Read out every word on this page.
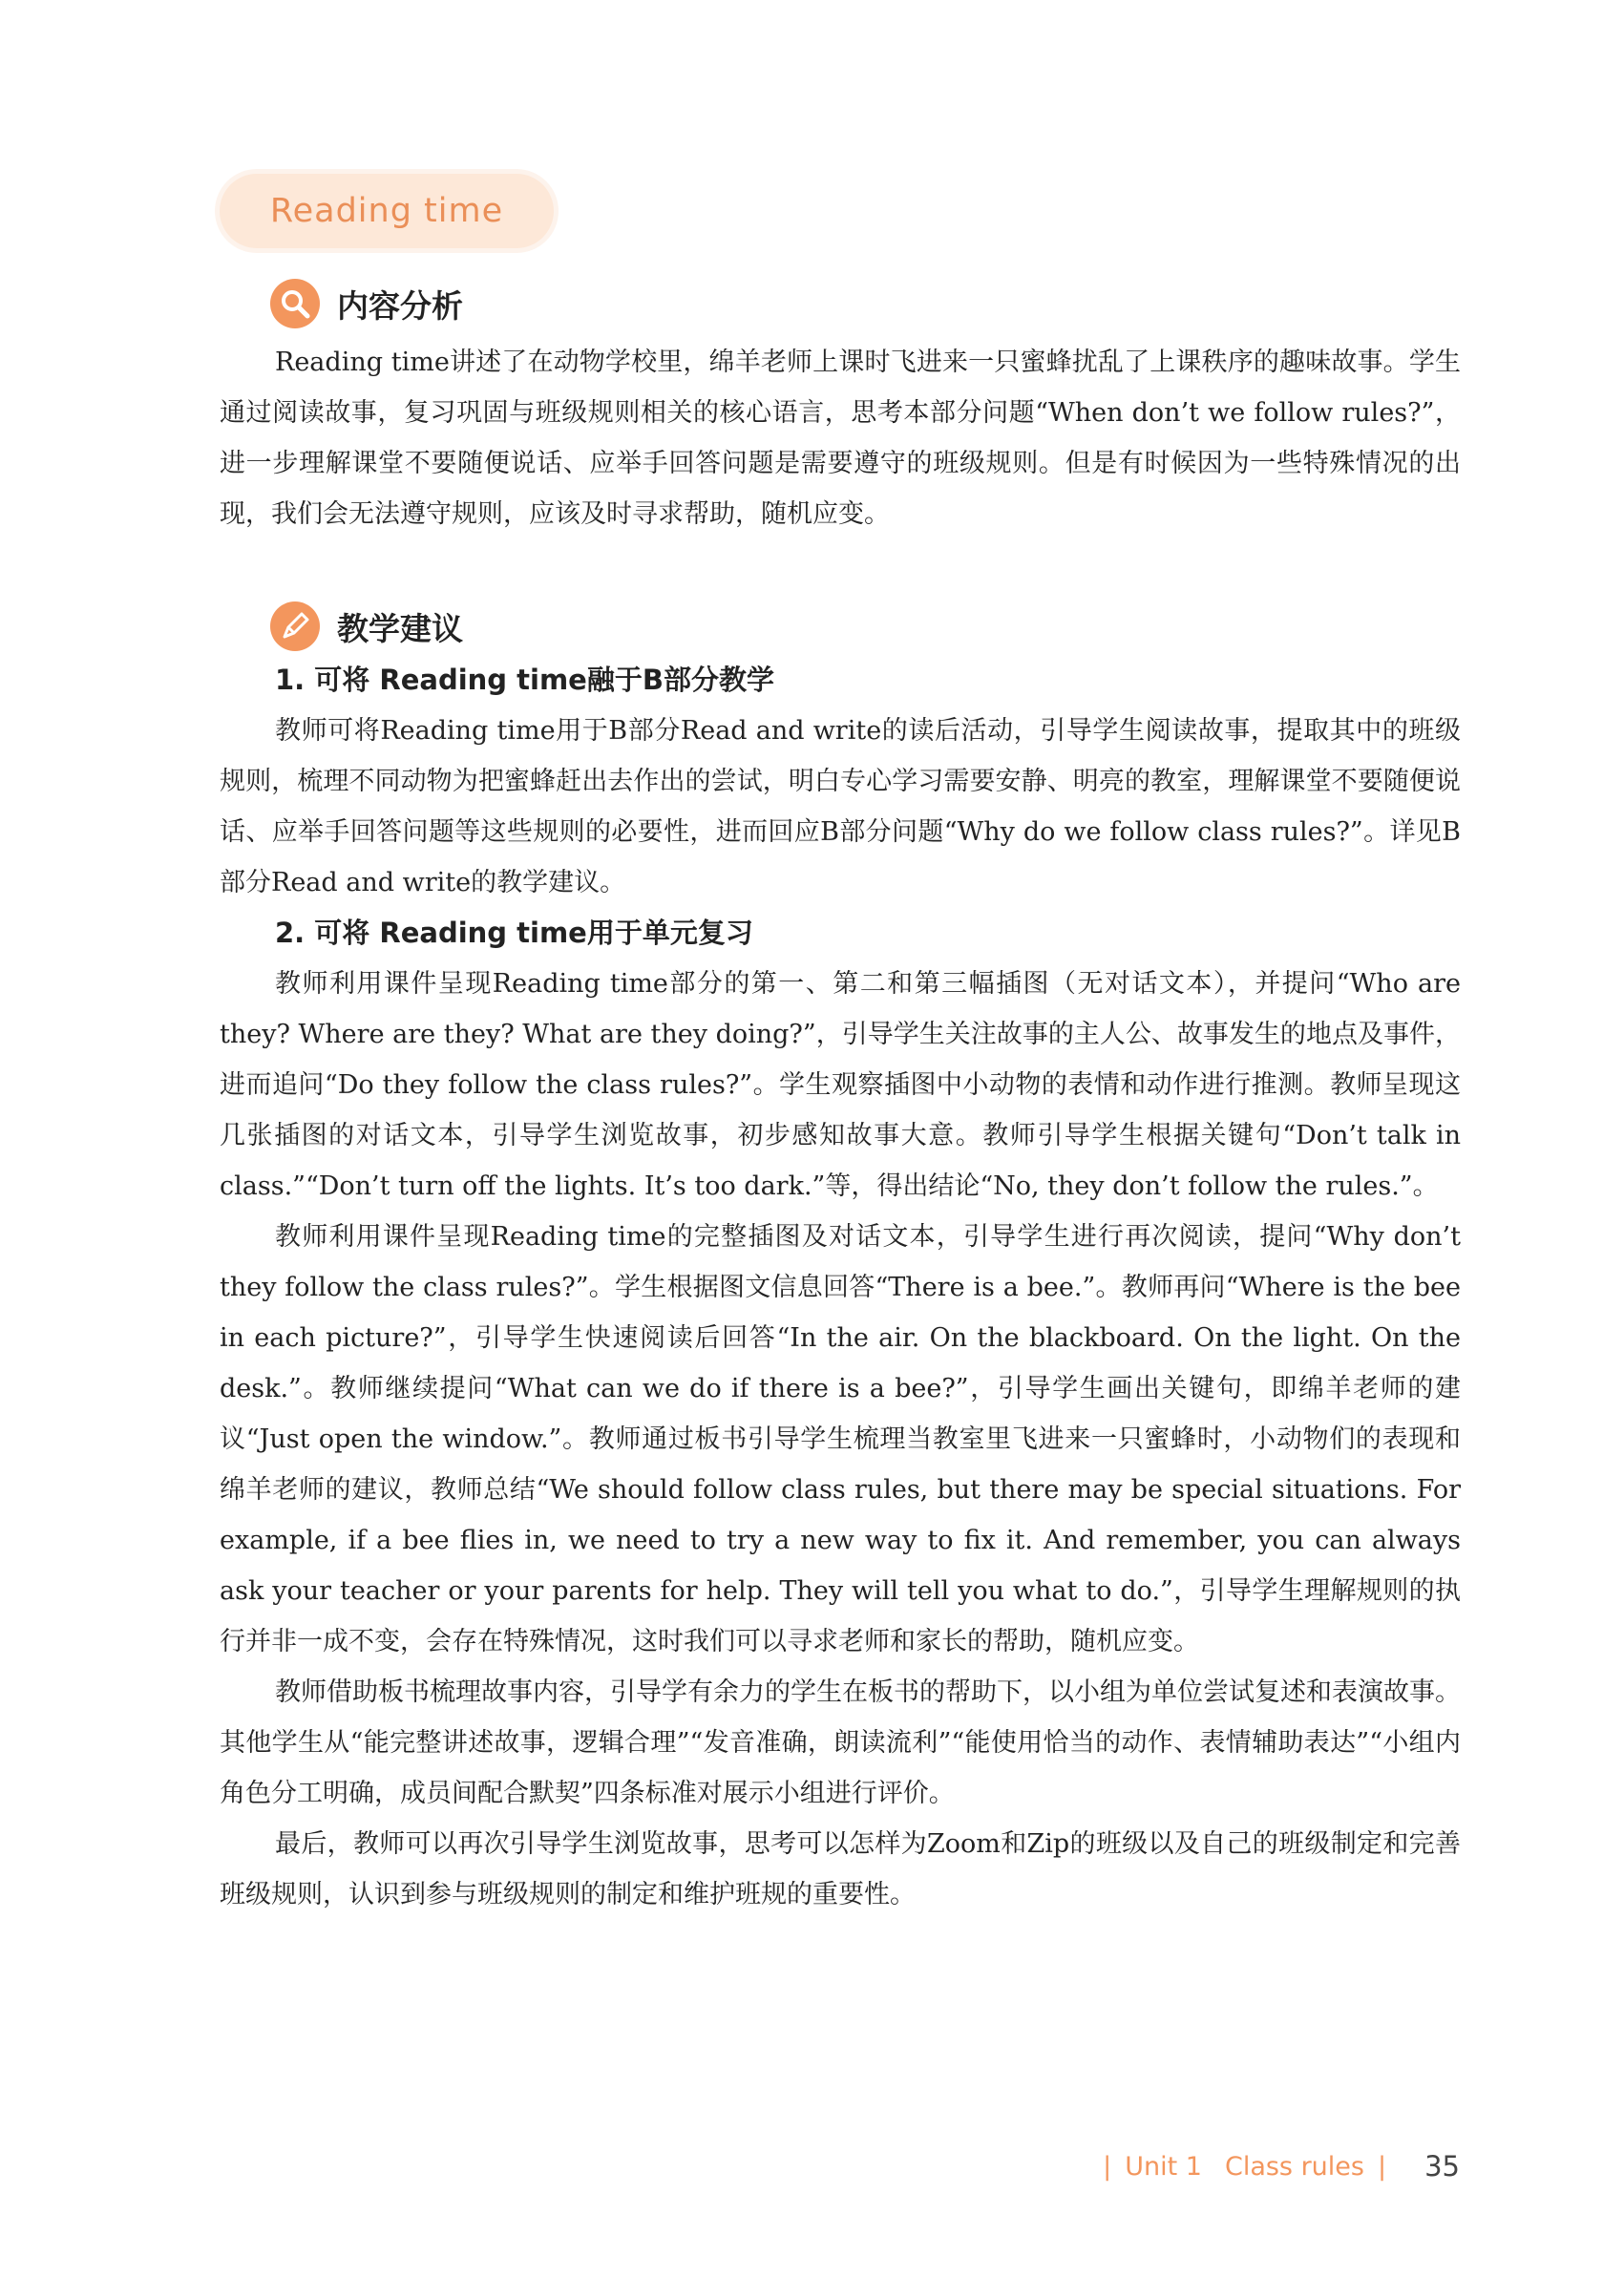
Reading time
内容分析

Reading time讲述了在动物学校里，绵羊老师上课时飞进来一只蜜蜂扰乱了上课秩序的趣味故事。学生通过阅读故事，复习巩固与班级规则相关的核心语言，思考本部分问题“When don’t we follow rules?”，进一步理解课堂不要随便说话、应举手回答问题是需要遵守的班级规则。但是有时候因为一些特殊情况的出现，我们会无法遵守规则，应该及时寻求帮助，随机应变。

教学建议
1. 可将 Reading time融于B部分教学

教师可将Reading time用于B部分Read and write的读后活动，引导学生阅读故事，提取其中的班级规则，梳理不同动物为把蜜蜂赶出去作出的尝试，明白专心学习需要安静、明亮的教室，理解课堂不要随便说话、应举手回答问题等这些规则的必要性，进而回应B部分问题“Why do we follow class rules?”。详见B部分Read and write的教学建议。

2. 可将 Reading time用于单元复习

教师利用课件呈现Reading time部分的第一、第二和第三幅插图（无对话文本），并提问“Who are they? Where are they? What are they doing?”，引导学生关注故事的主人公、故事发生的地点及事件，进而追问“Do they follow the class rules?”。学生观察插图中小动物的表情和动作进行推测。教师呈现这几张插图的对话文本，引导学生浏览故事，初步感知故事大意。教师引导学生根据关键句“Don’t talk in class.”“Don’t turn off the lights. It’s too dark.”等，得出结论“No, they don’t follow the rules.”。

教师利用课件呈现Reading time的完整插图及对话文本，引导学生进行再次阅读，提问“Why don’t they follow the class rules?”。学生根据图文信息回答“There is a bee.”。教师再问“Where is the bee in each picture?”，引导学生快速阅读后回答“In the air. On the blackboard. On the light. On the desk.”。教师继续提问“What can we do if there is a bee?”，引导学生画出关键句，即绵羊老师的建议“Just open the window.”。教师通过板书引导学生梳理当教室里飞进来一只蜜蜂时，小动物们的表现和绵羊老师的建议，教师总结“We should follow class rules, but there may be special situations. For example, if a bee flies in, we need to try a new way to fix it. And remember, you can always ask your teacher or your parents for help. They will tell you what to do.”，引导学生理解规则的执行并非一成不变，会存在特殊情况，这时我们可以寻求老师和家长的帮助，随机应变。

教师借助板书梳理故事内容，引导学有余力的学生在板书的帮助下，以小组为单位尝试复述和表演故事。其他学生从“能完整讲述故事，逻辑合理”“发音准确，朗读流利”“能使用恰当的动作、表情辅助表达”“小组内角色分工明确，成员间配合默契”四条标准对展示小组进行评价。

最后，教师可以再次引导学生浏览故事，思考可以怎样为Zoom和Zip的班级以及自己的班级制定和完善班级规则，认识到参与班级规则的制定和维护班规的重要性。

| Unit 1 Class rules | 35
